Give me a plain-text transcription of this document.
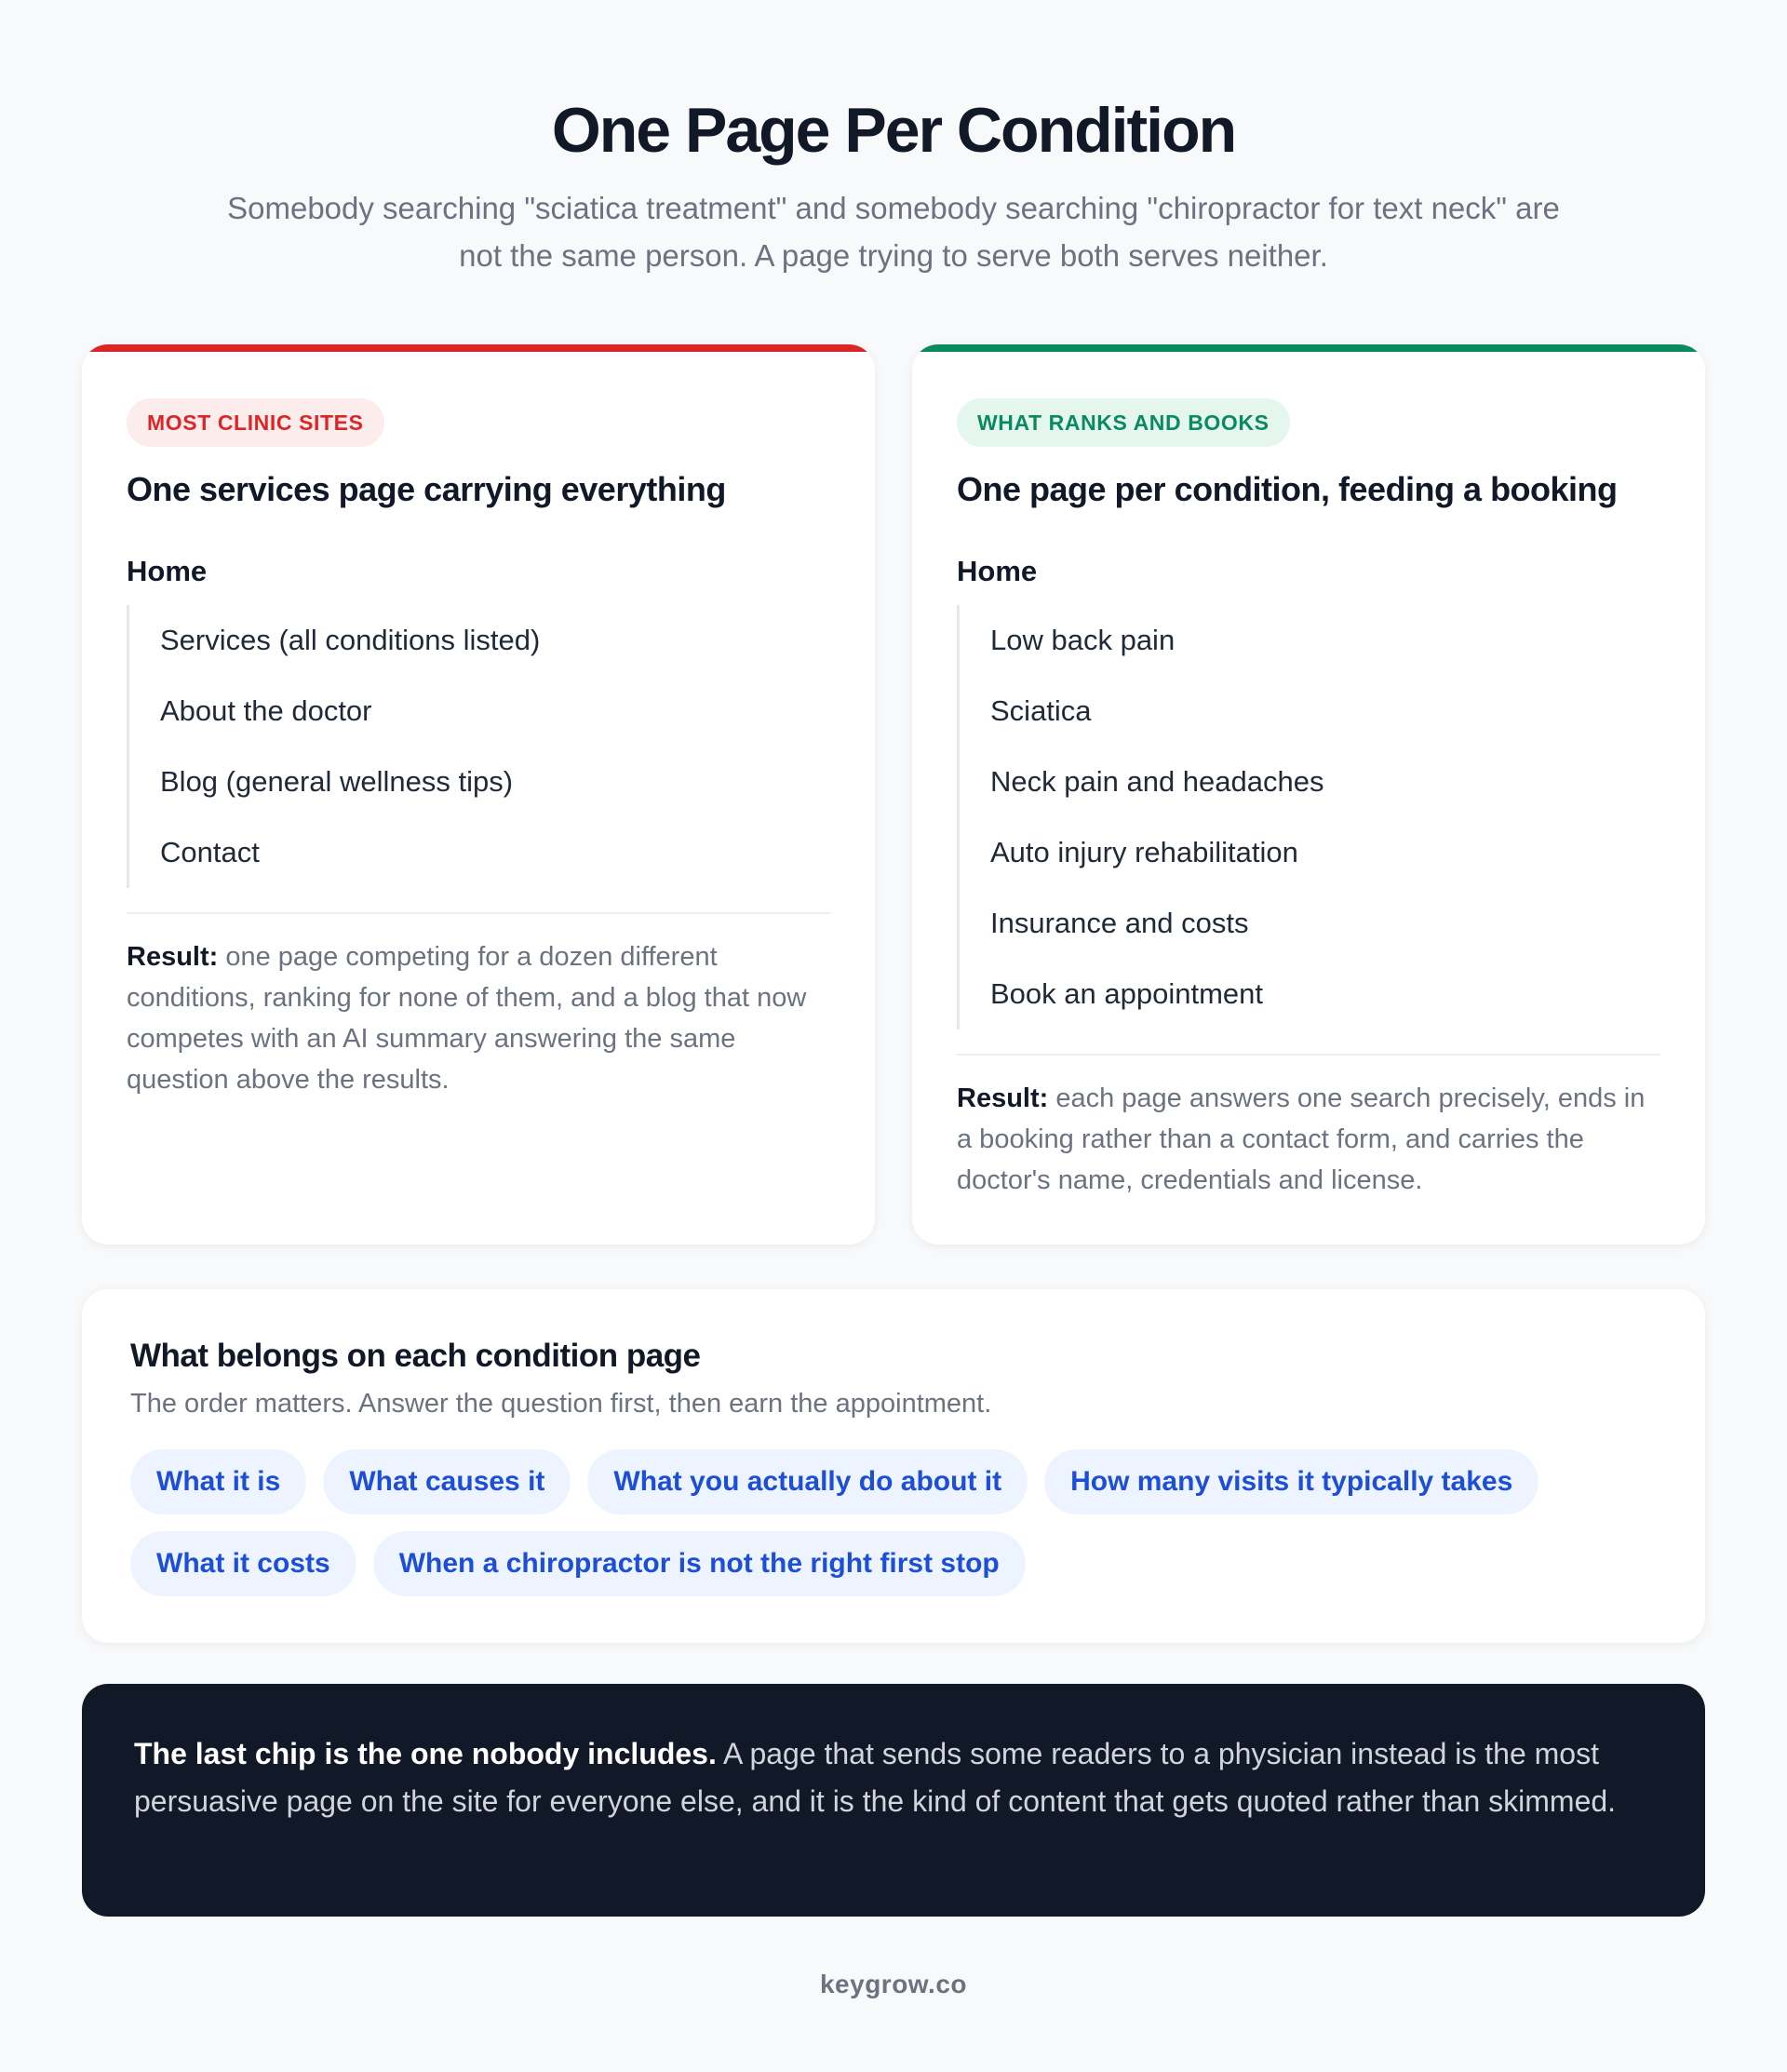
One Page Per Condition

Somebody searching "sciatica treatment" and somebody searching "chiropractor for text neck" are not the same person. A page trying to serve both serves neither.

MOST CLINIC SITES
One services page carrying everything
Home
Services (all conditions listed)
About the doctor
Blog (general wellness tips)
Contact

Result: one page competing for a dozen different conditions, ranking for none of them, and a blog that now competes with an AI summary answering the same question above the results.

WHAT RANKS AND BOOKS
One page per condition, feeding a booking
Home
Low back pain
Sciatica
Neck pain and headaches
Auto injury rehabilitation
Insurance and costs
Book an appointment

Result: each page answers one search precisely, ends in a booking rather than a contact form, and carries the doctor's name, credentials and license.

What belongs on each condition page

The order matters. Answer the question first, then earn the appointment.

What it is	What causes it	What you actually do about it	How many visits it typically takes
What it costs	When a chiropractor is not the right first stop

The last chip is the one nobody includes. A page that sends some readers to a physician instead is the most persuasive page on the site for everyone else, and it is the kind of content that gets quoted rather than skimmed.

keygrow.co
